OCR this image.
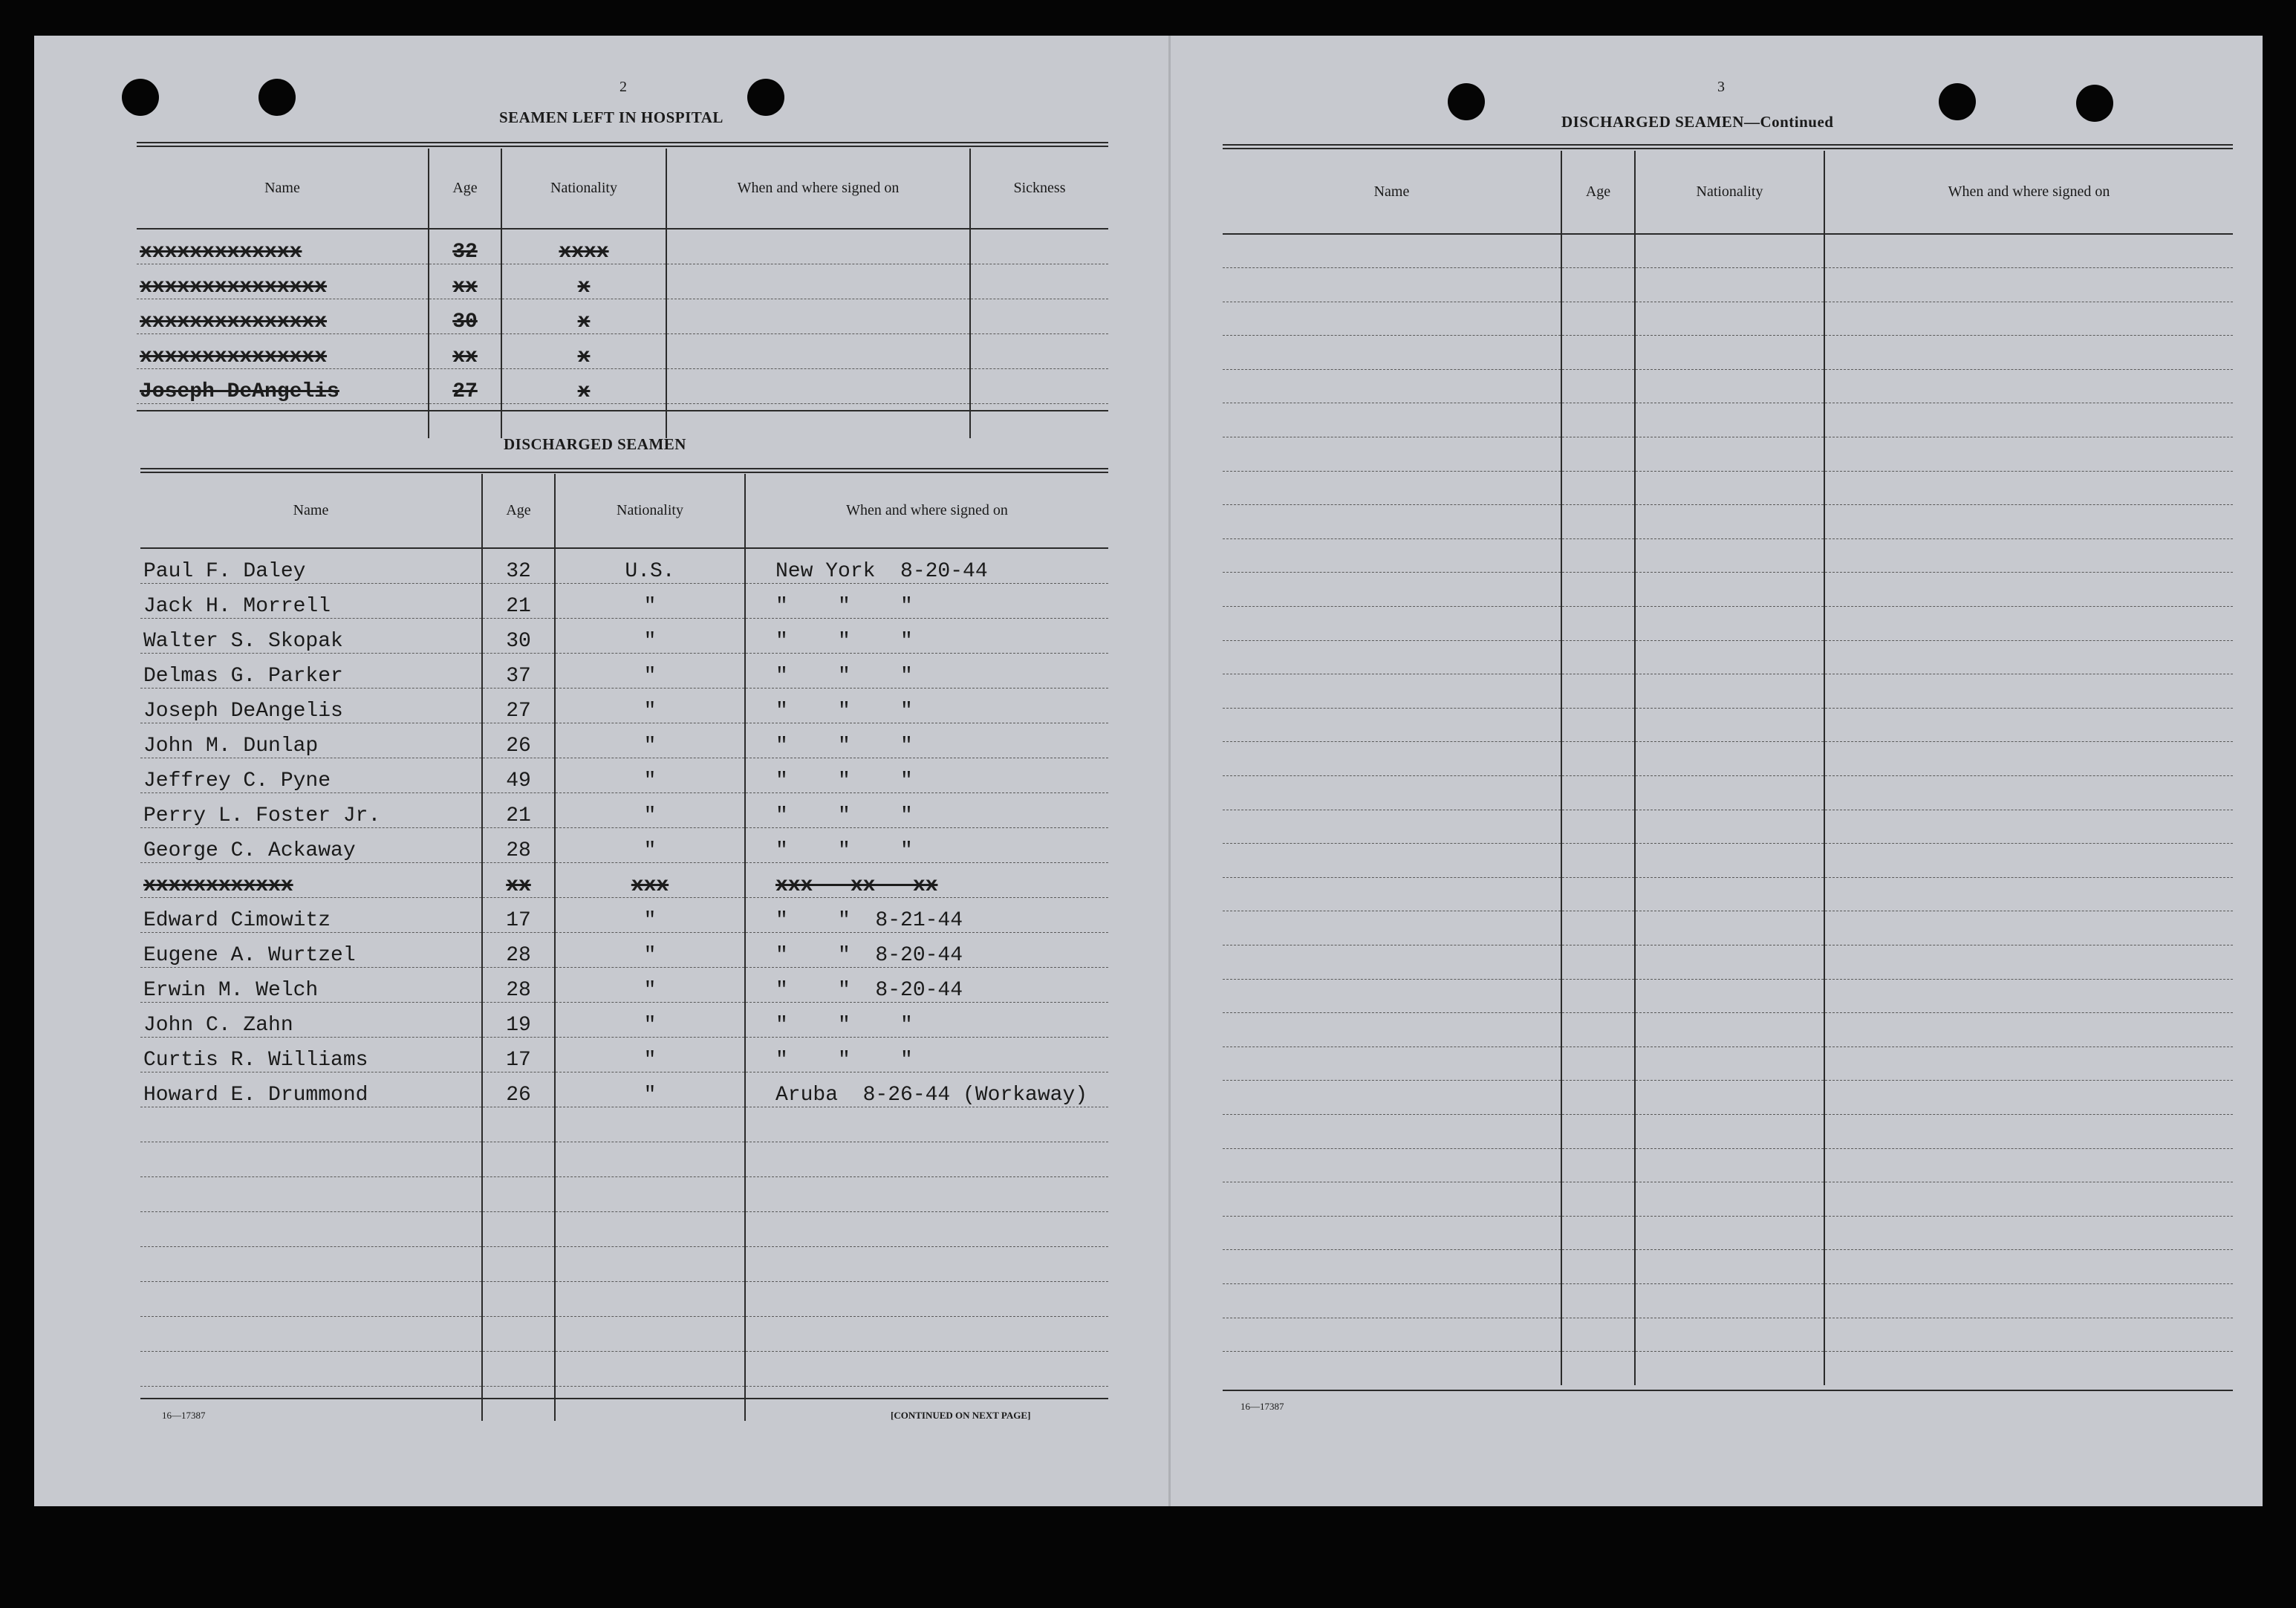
2
SEAMEN LEFT IN HOSPITAL
Name	Age	Nationality	When and where signed on	Sickness
xxxxxxxxxxxxx	32	xxxx		
xxxxxxxxxxxxxxx	xx	x		
xxxxxxxxxxxxxxx	30	x		
xxxxxxxxxxxxxxx	xx	x		
Joseph DeAngelis	27	x		

DISCHARGED SEAMEN
Name	Age	Nationality	When and where signed on
Paul F. Daley	32	U.S.	New York  8-20-44
Jack H. Morrell	21	"	"    "    "
Walter S. Skopak	30	"	"    "    "
Delmas G. Parker	37	"	"    "    "
Joseph DeAngelis	27	"	"    "    "
John M. Dunlap	26	"	"    "    "
Jeffrey C. Pyne	49	"	"    "    "
Perry L. Foster Jr.	21	"	"    "    "
George C. Ackaway	28	"	"    "    "
xxxxxxxxxxxx	xx	xxx	xxx   xx   xx
Edward Cimowitz	17	"	"    "  8-21-44
Eugene A. Wurtzel	28	"	"    "  8-20-44
Erwin M. Welch	28	"	"    "  8-20-44
John C. Zahn	19	"	"    "    "
Curtis R. Williams	17	"	"    "    "
Howard E. Drummond	26	"	Aruba  8-26-44 (Workaway)

16—17387	[CONTINUED ON NEXT PAGE]
3
DISCHARGED SEAMEN—Continued
Name	Age	Nationality	When and where signed on

16—17387
